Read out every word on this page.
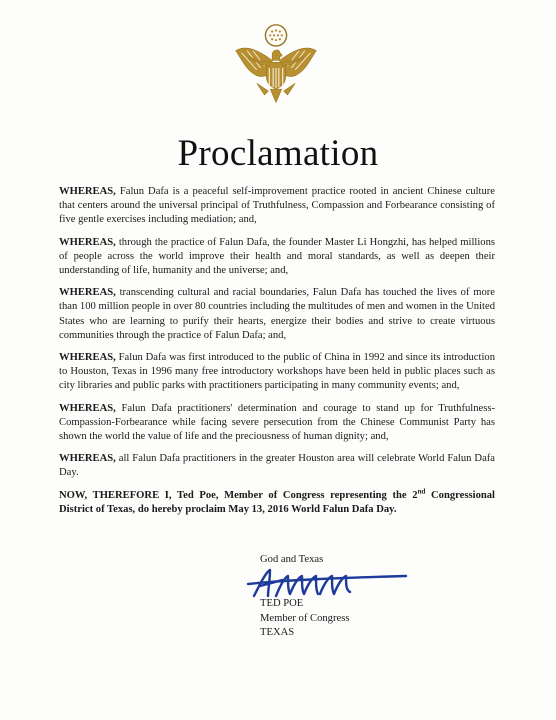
Proclamation

WHEREAS, Falun Dafa is a peaceful self-improvement practice rooted in ancient Chinese culture that centers around the universal principal of Truthfulness, Compassion and Forbearance consisting of five gentle exercises including mediation; and,

WHEREAS, through the practice of Falun Dafa, the founder Master Li Hongzhi, has helped millions of people across the world improve their health and moral standards, as well as deepen their understanding of life, humanity and the universe; and,

WHEREAS, transcending cultural and racial boundaries, Falun Dafa has touched the lives of more than 100 million people in over 80 countries including the multitudes of men and women in the United States who are learning to purify their hearts, energize their bodies and strive to create virtuous communities through the practice of Falun Dafa; and,

WHEREAS, Falun Dafa was first introduced to the public of China in 1992 and since its introduction to Houston, Texas in 1996 many free introductory workshops have been held in public places such as city libraries and public parks with practitioners participating in many community events; and,

WHEREAS, Falun Dafa practitioners' determination and courage to stand up for Truthfulness-Compassion-Forbearance while facing severe persecution from the Chinese Communist Party has shown the world the value of life and the preciousness of human dignity; and,

WHEREAS, all Falun Dafa practitioners in the greater Houston area will celebrate World Falun Dafa Day.

NOW, THEREFORE I, Ted Poe, Member of Congress representing the 2nd Congressional District of Texas, do hereby proclaim May 13, 2016 World Falun Dafa Day.

God and Texas
TED POE
Member of Congress
TEXAS
